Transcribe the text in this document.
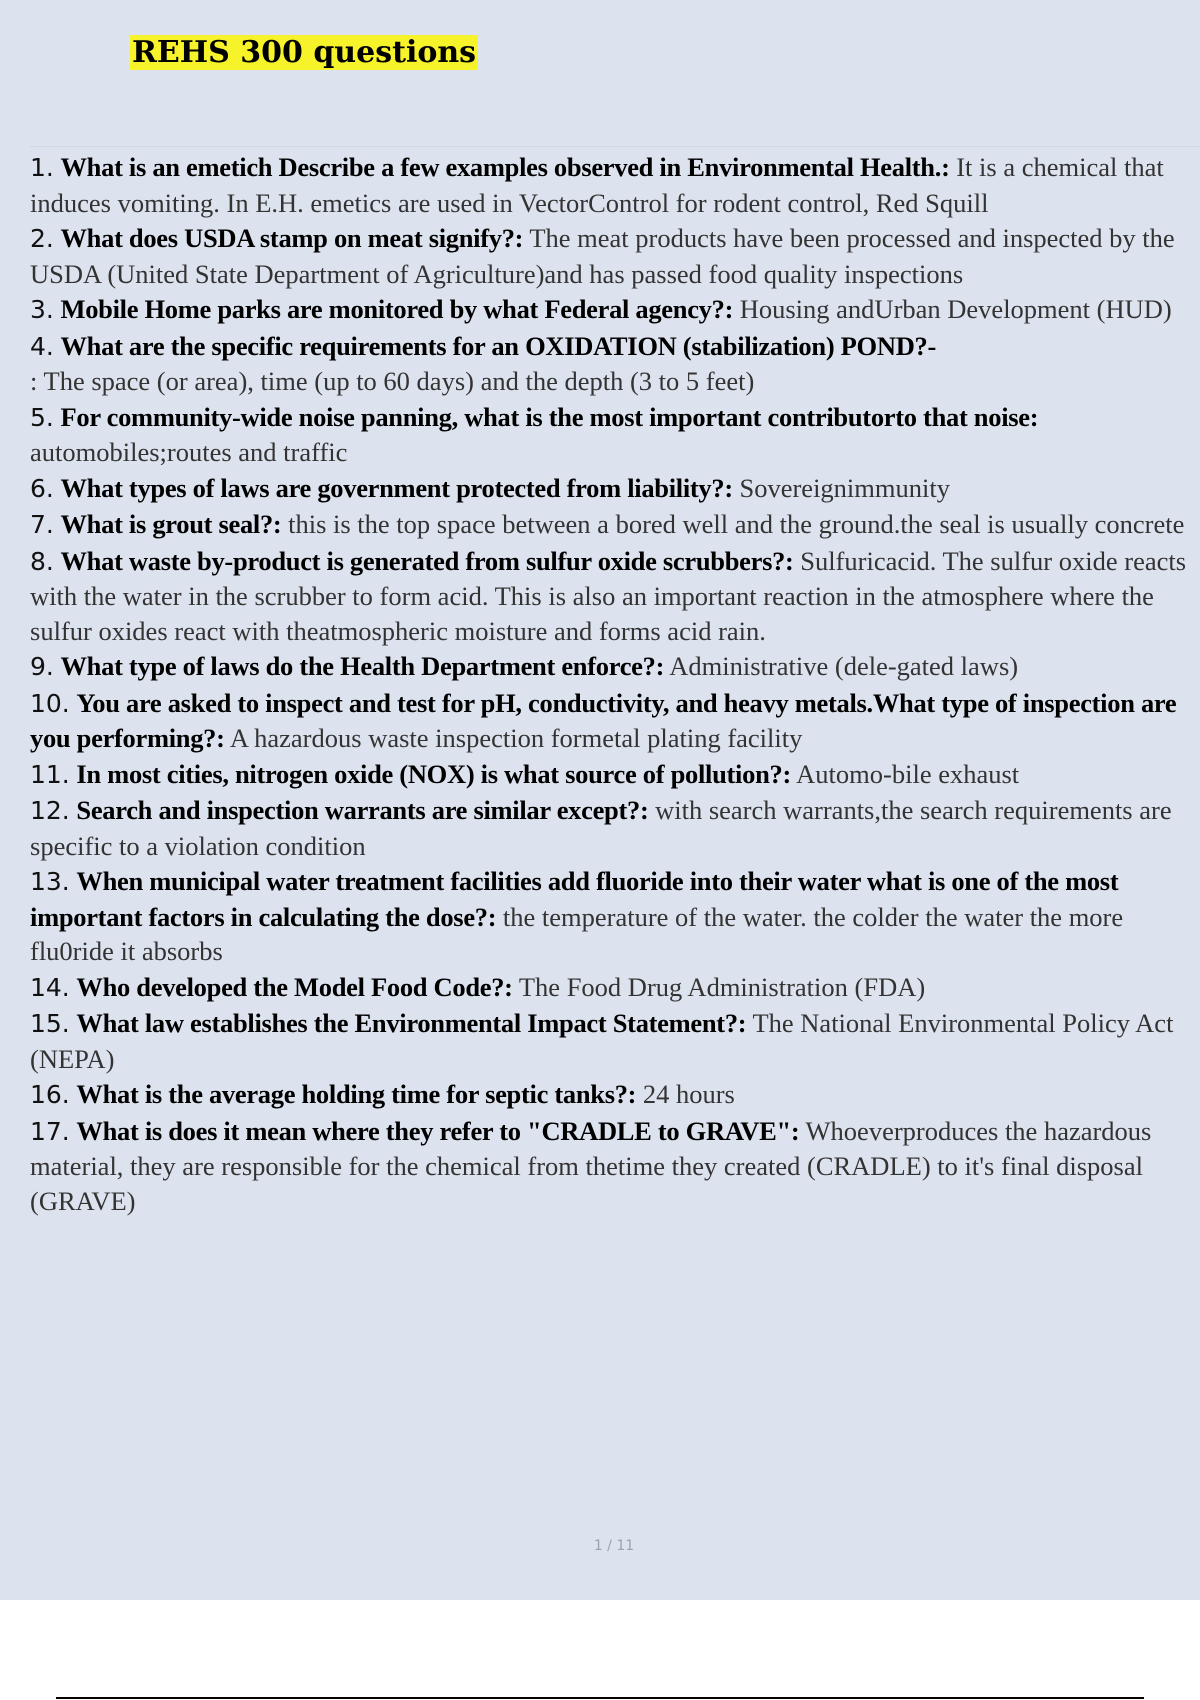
REHS 300 questions

1. What is an emetich Describe a few examples observed in Environmental Health.: It is a chemical that induces vomiting. In E.H. emetics are used in VectorControl for rodent control, Red Squill

2. What does USDA stamp on meat signify?: The meat products have been processed and inspected by the USDA (United State Department of Agriculture)and has passed food quality inspections

3. Mobile Home parks are monitored by what Federal agency?: Housing andUrban Development (HUD)

4. What are the specific requirements for an OXIDATION (stabilization) POND?-
: The space (or area), time (up to 60 days) and the depth (3 to 5 feet)

5. For community-wide noise panning, what is the most important contributorto that noise: automobiles;routes and traffic

6. What types of laws are government protected from liability?: Sovereignimmunity

7. What is grout seal?: this is the top space between a bored well and the ground.the seal is usually concrete

8. What waste by-product is generated from sulfur oxide scrubbers?: Sulfuricacid. The sulfur oxide reacts with the water in the scrubber to form acid. This is also an important reaction in the atmosphere where the sulfur oxides react with theatmospheric moisture and forms acid rain.

9. What type of laws do the Health Department enforce?: Administrative (dele-gated laws)

10. You are asked to inspect and test for pH, conductivity, and heavy metals.What type of inspection are you performing?: A hazardous waste inspection formetal plating facility

11. In most cities, nitrogen oxide (NOX) is what source of pollution?: Automo-bile exhaust

12. Search and inspection warrants are similar except?: with search warrants,the search requirements are specific to a violation condition

13. When municipal water treatment facilities add fluoride into their water what is one of the most important factors in calculating the dose?: the temperature of the water. the colder the water the more flu0ride it absorbs

14. Who developed the Model Food Code?: The Food Drug Administration (FDA)

15. What law establishes the Environmental Impact Statement?: The National Environmental Policy Act (NEPA)

16. What is the average holding time for septic tanks?: 24 hours

17. What is does it mean where they refer to "CRADLE to GRAVE": Whoeverproduces the hazardous material, they are responsible for the chemical from thetime they created (CRADLE) to it's final disposal (GRAVE)

1 / 11
